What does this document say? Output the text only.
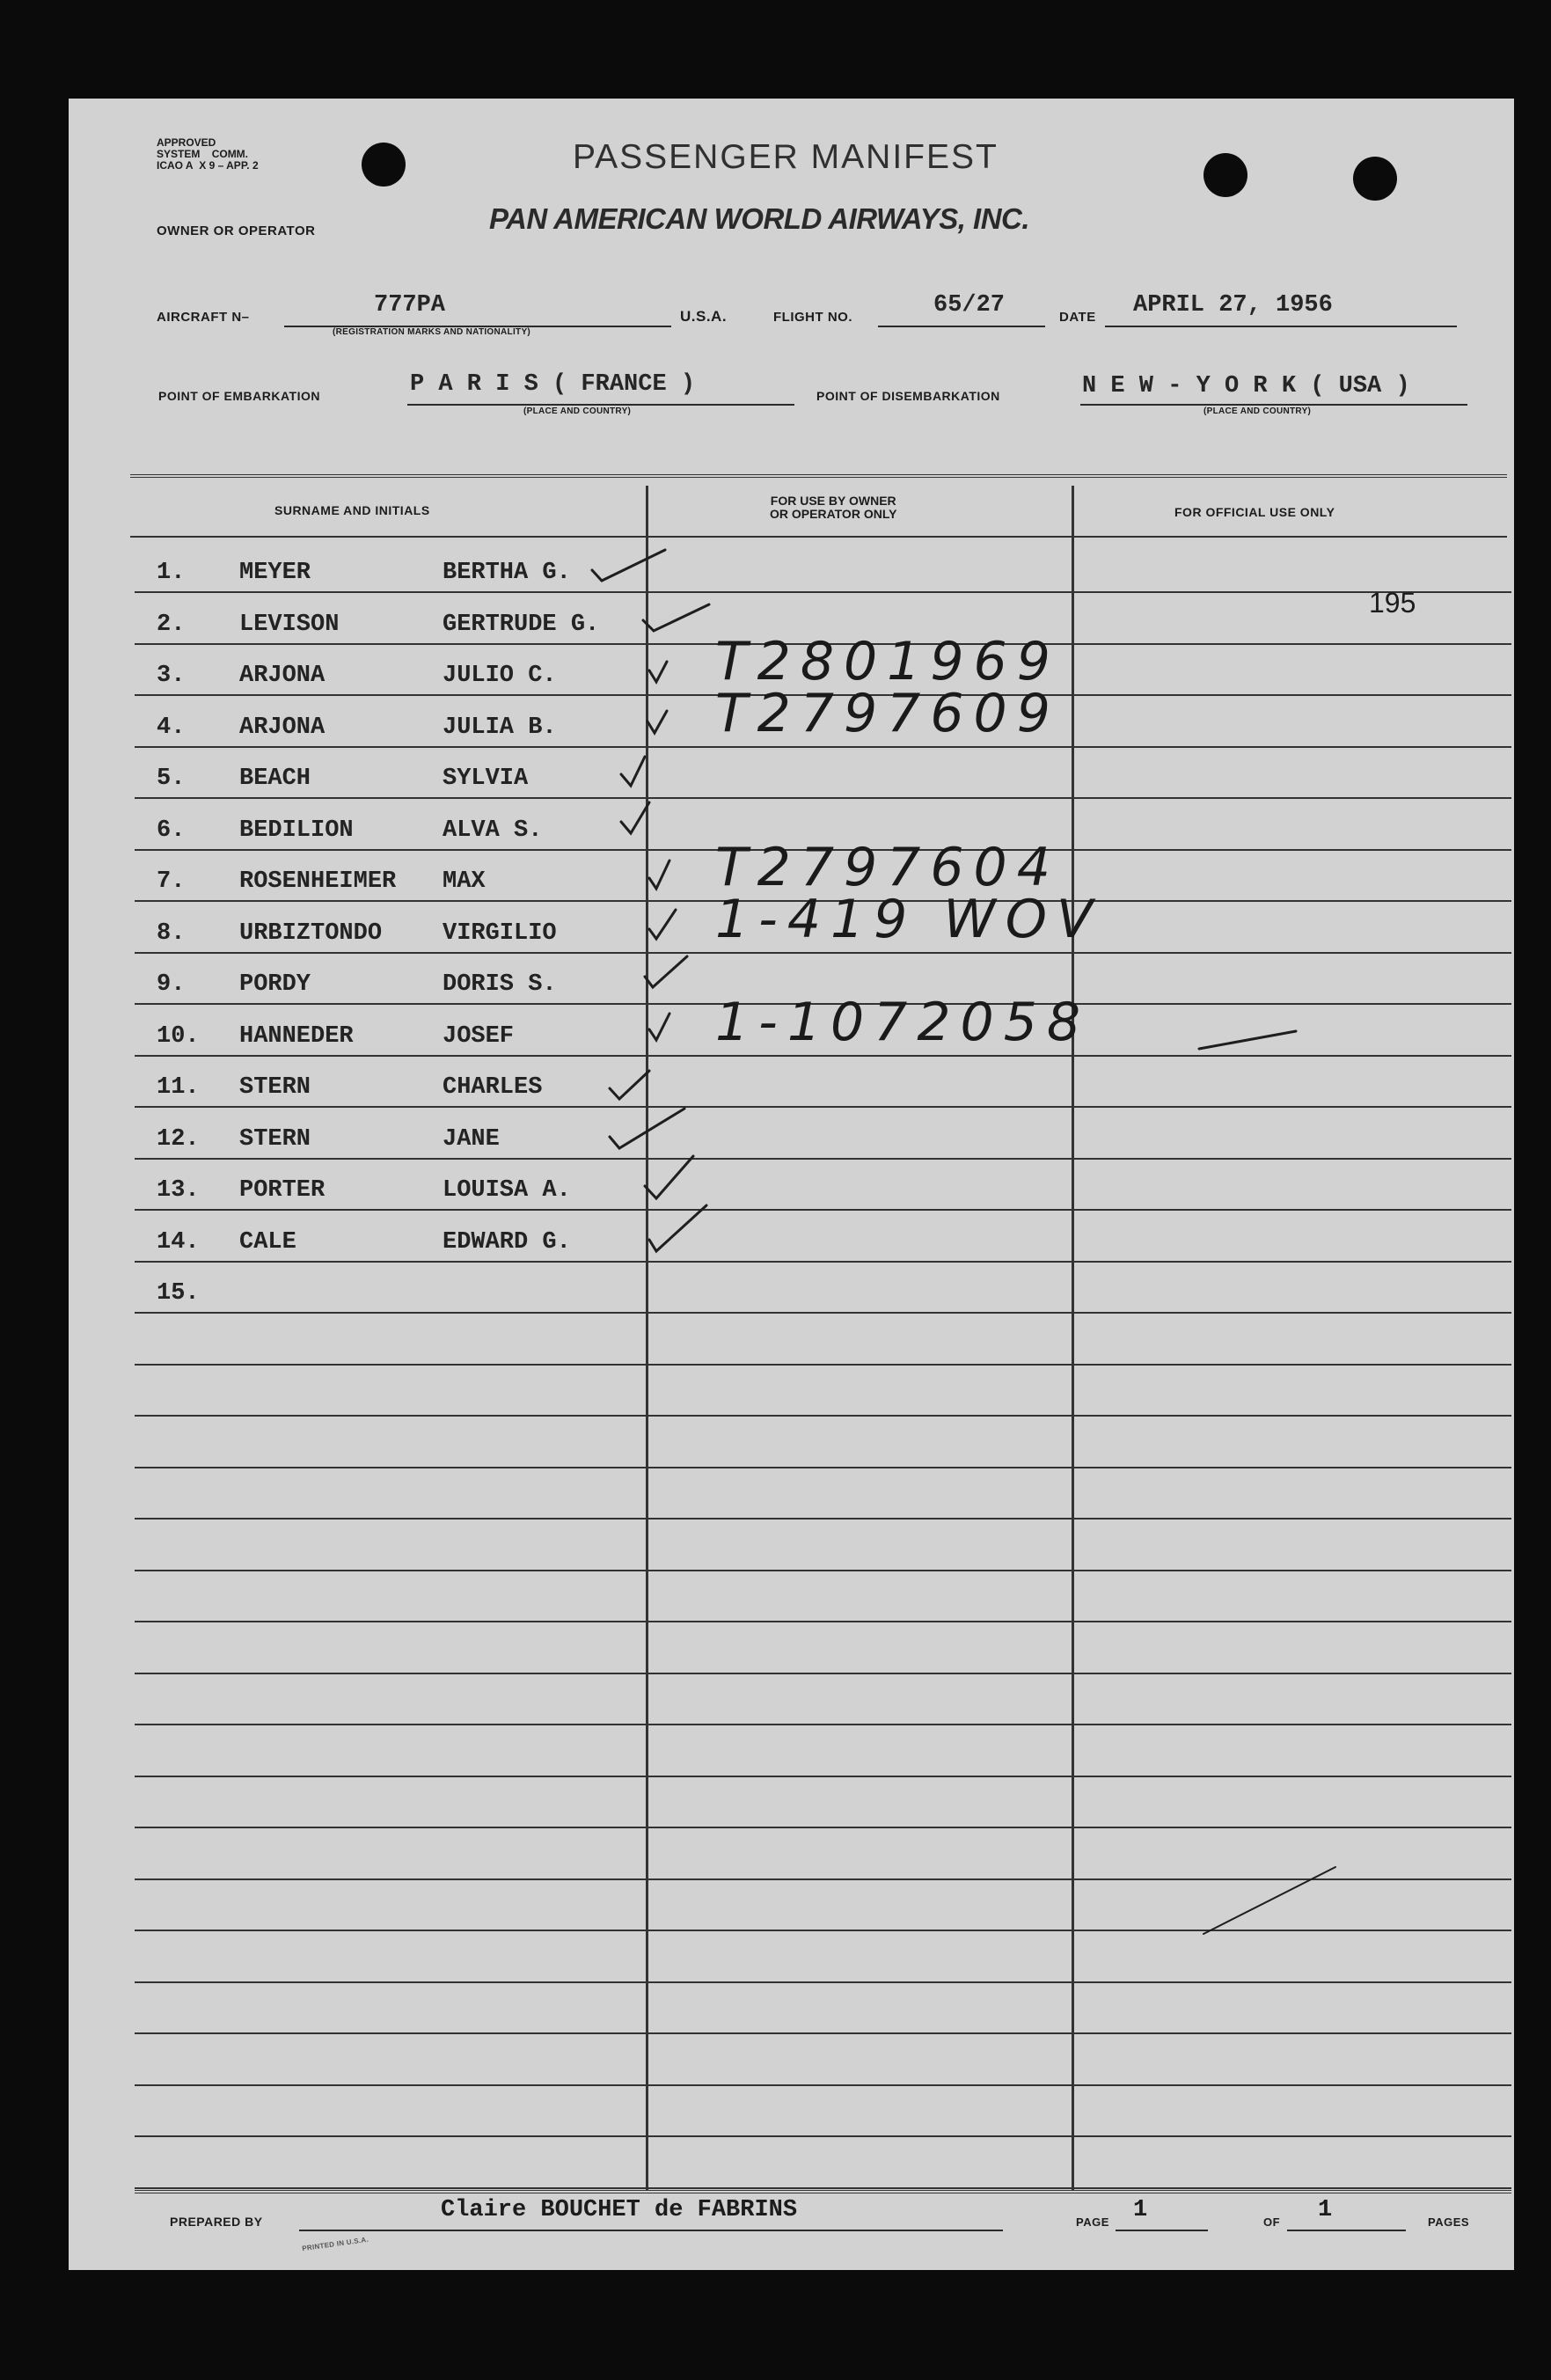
APPROVED
SYSTEM COMM.
ICAO A X 9 – APP. 2	PASSENGER MANIFEST
OWNER OR OPERATOR	PAN AMERICAN WORLD AIRWAYS, INC.
AIRCRAFT N–	777PA
(REGISTRATION MARKS AND NATIONALITY)
U.S.A.	FLIGHT NO.	65/27	DATE APRIL 27, 1956
POINT OF EMBARKATION	P A R I S ( FRANCE )
(PLACE AND COUNTRY)
POINT OF DISEMBARKATION	N E W - Y O R K ( USA )
(PLACE AND COUNTRY)
SURNAME AND INITIALS
FOR USE BY OWNER
OR OPERATOR ONLY	FOR OFFICIAL USE ONLY
1. MEYER	BERTHA G.
2. LEVISON	GERTRUDE G.
195
3. ARJONA	JULIO C.	T2801969
4. ARJONA	JULIA B.	T2797609
5. BEACH	SYLVIA
6. BEDILION	ALVA S.
7. ROSENHEIMER MAX	T2797604
8. URBIZTONDO	VIRGILIO	1-419 WOV
9. PORDY	DORIS S.
10. HANNEDER	JOSEF	1-1072058
11. STERN	CHARLES
12. STERN	JANE
13. PORTER	LOUISA A.
14. CALE	EDWARD G.
15.
PREPARED BY	Claire BOUCHET de FABRINS	PAGE 1	OF 1	PAGES
PRINTED IN U.S.A.
